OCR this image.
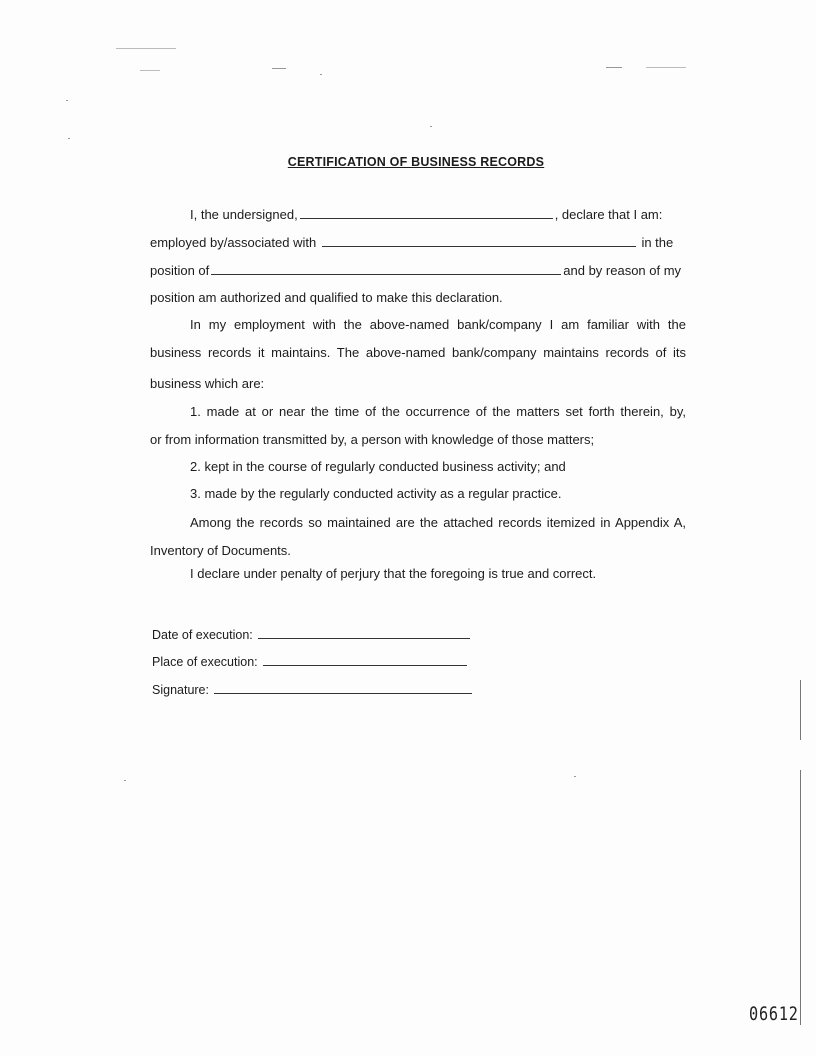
CERTIFICATION OF BUSINESS RECORDS
I, the undersigned,	, declare that I am:
employed by/associated with	in the
position of	and by reason of my
position am authorized and qualified to make this declaration.
In my employment with the above-named bank/company I am familiar with the
business records it maintains. The above-named bank/company maintains records of its
business which are:
1. made at or near the time of the occurrence of the matters set forth therein, by,
or from information transmitted by, a person with knowledge of those matters;
2. kept in the course of regularly conducted business activity; and
3. made by the regularly conducted activity as a regular practice.
Among the records so maintained are the attached records itemized in Appendix A,
Inventory of Documents.
I declare under penalty of perjury that the foregoing is true and correct.
Date of execution:
Place of execution:
Signature:
06612
